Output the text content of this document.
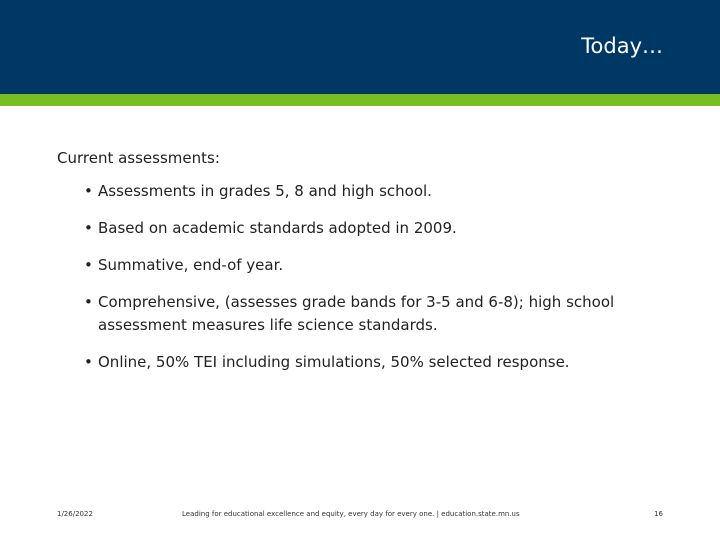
Today…
Current assessments:
• Assessments in grades 5, 8 and high school.
• Based on academic standards adopted in 2009.
• Summative, end-of year.
• Comprehensive, (assesses grade bands for 3-5 and 6-8); high school assessment measures life science standards.
• Online, 50% TEI including simulations, 50% selected response.
1/26/2022	Leading for educational excellence and equity, every day for every one. | education.state.mn.us	16
